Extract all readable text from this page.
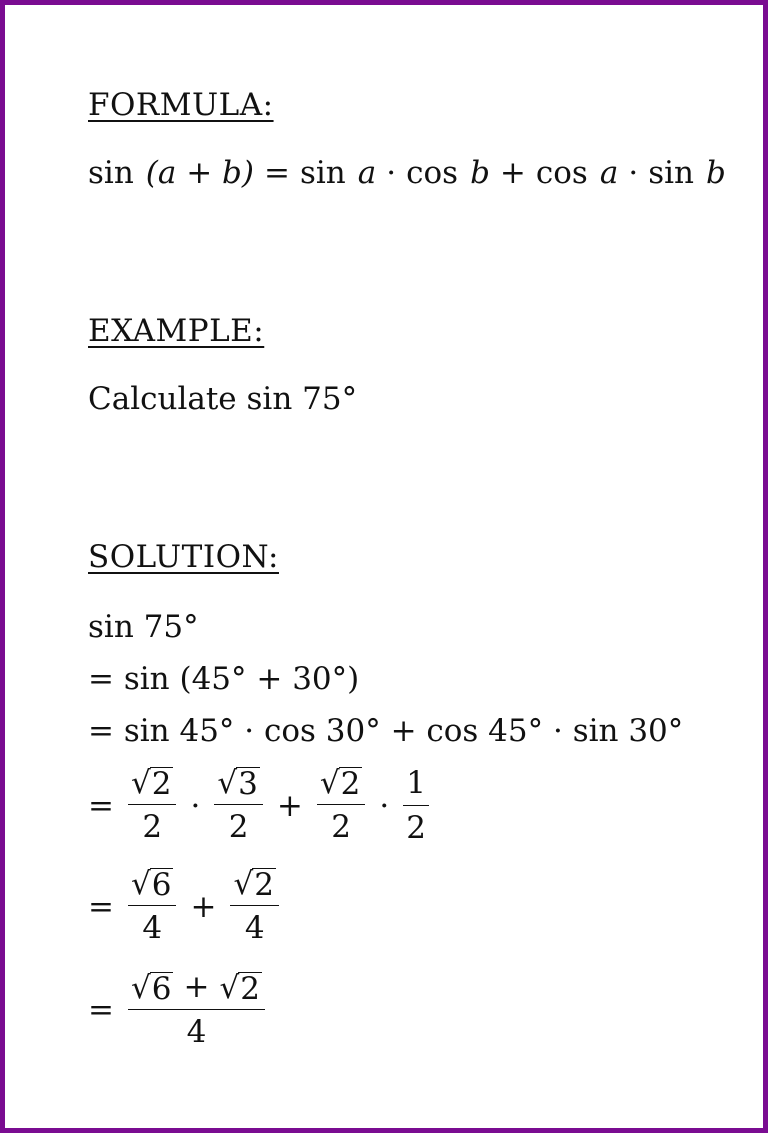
FORMULA:
sin (a + b) = sin a · cos b + cos a · sin b
EXAMPLE:
Calculate sin 75°
SOLUTION:
sin 75°
= sin (45° + 30°)
= sin 45° · cos 30° + cos 45° · sin 30°
= $\frac{√ 2}{2} \cdot \frac{√ 3}{2} + \frac{√ 2}{2} \cdot \frac{1}{2}$
= $\frac{√ 6}{4} + \frac{√ 2}{4}$
= $\frac{√ 6 + √ 2}{4}$
